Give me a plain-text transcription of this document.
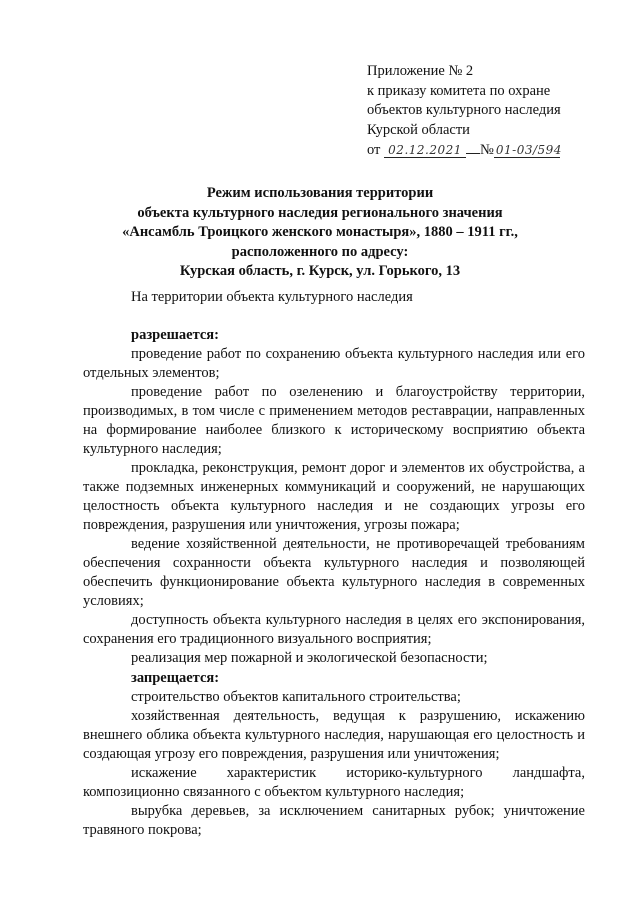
Приложение № 2
к приказу комитета по охране
объектов культурного наследия
Курской области
от 02.12.2021 № 01-03/594
Режим использования территории
объекта культурного наследия регионального значения
«Ансамбль Троицкого женского монастыря», 1880 – 1911 гг.,
расположенного по адресу:
Курская область, г. Курск, ул. Горького, 13
На территории объекта культурного наследия
разрешается:

проведение работ по сохранению объекта культурного наследия или его отдельных элементов;

проведение работ по озеленению и благоустройству территории, производимых, в том числе с применением методов реставрации, направленных на формирование наиболее близкого к историческому восприятию объекта культурного наследия;

прокладка, реконструкция, ремонт дорог и элементов их обустройства, а также подземных инженерных коммуникаций и сооружений, не нарушающих целостность объекта культурного наследия и не создающих угрозы его повреждения, разрушения или уничтожения, угрозы пожара;

ведение хозяйственной деятельности, не противоречащей требованиям обеспечения сохранности объекта культурного наследия и позволяющей обеспечить функционирование объекта культурного наследия в современных условиях;

доступность объекта культурного наследия в целях его экспонирования, сохранения его традиционного визуального восприятия;

реализация мер пожарной и экологической безопасности;

запрещается:

строительство объектов капитального строительства;

хозяйственная деятельность, ведущая к разрушению, искажению внешнего облика объекта культурного наследия, нарушающая его целостность и создающая угрозу его повреждения, разрушения или уничтожения;

искажение характеристик историко-культурного ландшафта, композиционно связанного с объектом культурного наследия;

вырубка деревьев, за исключением санитарных рубок; уничтожение травяного покрова;
